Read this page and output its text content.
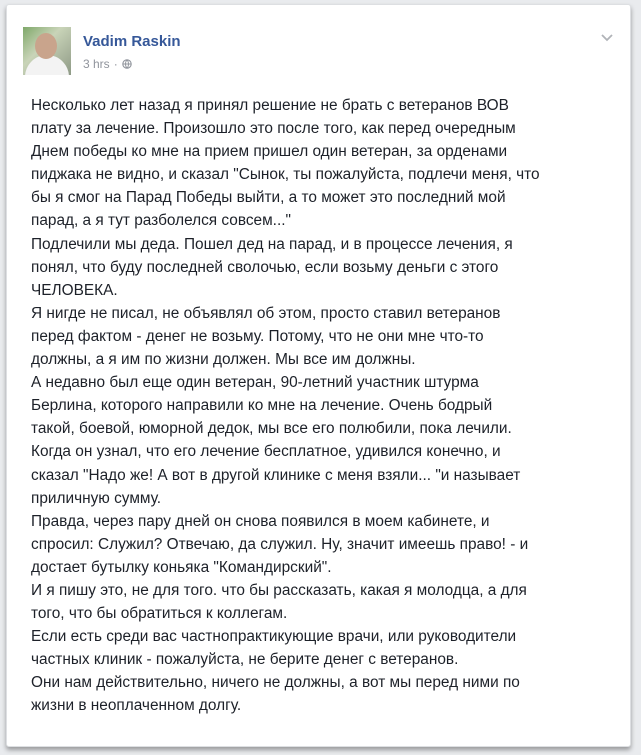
Vadim Raskin
3 hrs ·
Несколько лет назад я принял решение не брать с ветеранов ВОВ
плату за лечение. Произошло это после того, как перед очередным
Днем победы ко мне на прием пришел один ветеран, за орденами
пиджака не видно, и сказал "Сынок, ты пожалуйста, подлечи меня, что
бы я смог на Парад Победы выйти, а то может это последний мой
парад, а я тут разболелся совсем..."
Подлечили мы деда. Пошел дед на парад, и в процессе лечения, я
понял, что буду последней сволочью, если возьму деньги с этого
ЧЕЛОВЕКА.
Я нигде не писал, не объявлял об этом, просто ставил ветеранов
перед фактом - денег не возьму. Потому, что не они мне что-то
должны, а я им по жизни должен. Мы все им должны.
А недавно был еще один ветеран, 90-летний участник штурма
Берлина, которого направили ко мне на лечение. Очень бодрый
такой, боевой, юморной дедок, мы все его полюбили, пока лечили.
Когда он узнал, что его лечение бесплатное, удивился конечно, и
сказал "Надо же! А вот в другой клинике с меня взяли... "и называет
приличную сумму.
Правда, через пару дней он снова появился в моем кабинете, и
спросил: Служил? Отвечаю, да служил. Ну, значит имеешь право! - и
достает бутылку коньяка "Командирский".
И я пишу это, не для того. что бы рассказать, какая я молодца, а для
того, что бы обратиться к коллегам.
Если есть среди вас частнопрактикующие врачи, или руководители
частных клиник - пожалуйста, не берите денег с ветеранов.
Они нам действительно, ничего не должны, а вот мы перед ними по
жизни в неоплаченном долгу.
